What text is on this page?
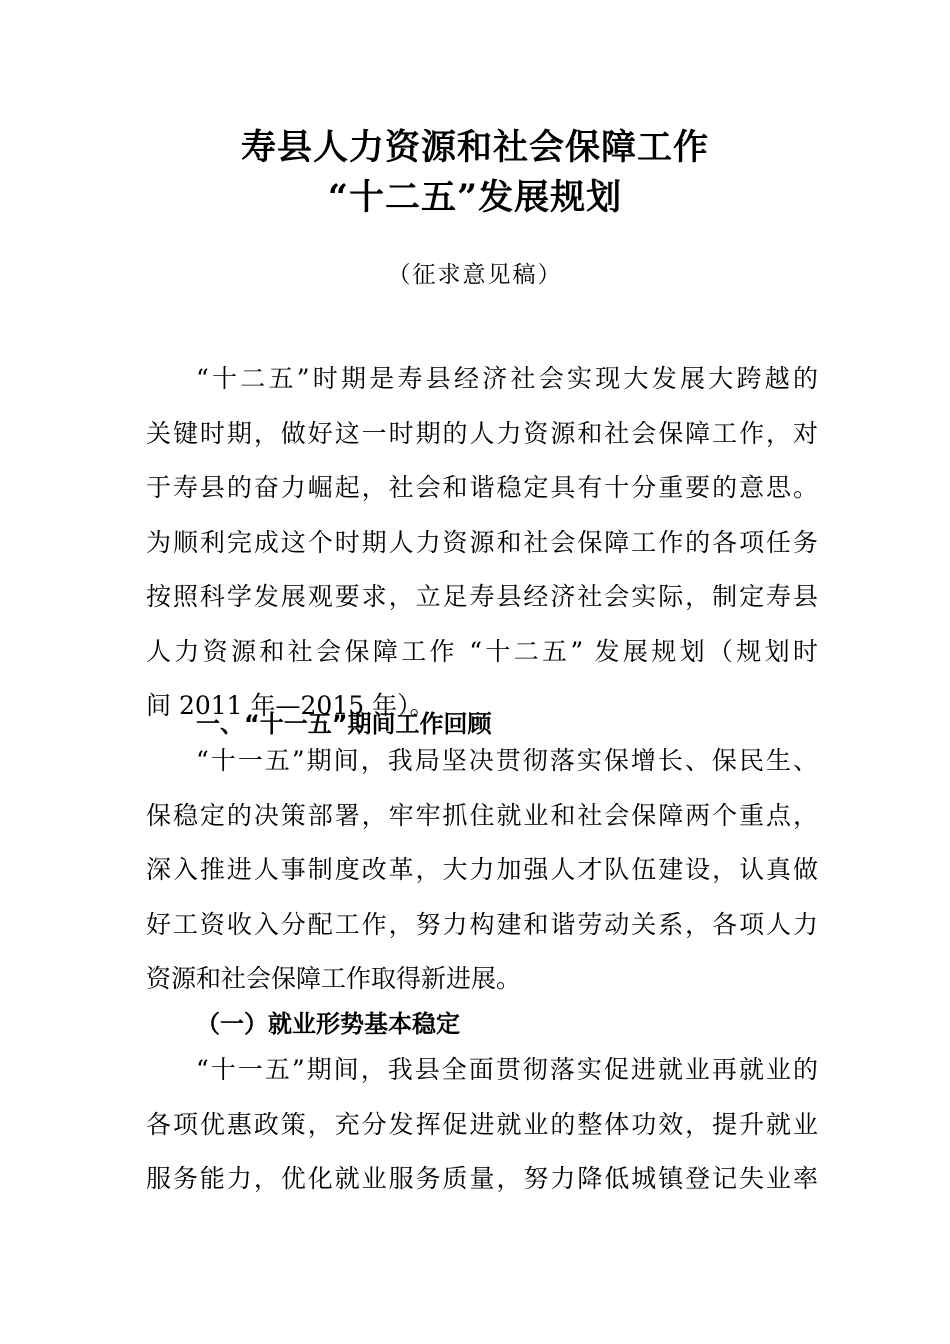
寿县人力资源和社会保障工作
“十二五”发展规划
（征求意见稿）
“十二五”时期是寿县经济社会实现大发展大跨越的
关键时期，做好这一时期的人力资源和社会保障工作，对
于寿县的奋力崛起，社会和谐稳定具有十分重要的意思。
为顺利完成这个时期人力资源和社会保障工作的各项任务
按照科学发展观要求，立足寿县经济社会实际，制定寿县
人力资源和社会保障工作 “十二五” 发展规划（规划时
间 2011 年—2015 年）。
一、“十一五”期间工作回顾
“十一五”期间，我局坚决贯彻落实保增长、保民生、
保稳定的决策部署，牢牢抓住就业和社会保障两个重点，
深入推进人事制度改革，大力加强人才队伍建设，认真做
好工资收入分配工作，努力构建和谐劳动关系，各项人力
资源和社会保障工作取得新进展。
（一）就业形势基本稳定
“十一五”期间，我县全面贯彻落实促进就业再就业的
各项优惠政策，充分发挥促进就业的整体功效，提升就业
服务能力，优化就业服务质量，努力降低城镇登记失业率
